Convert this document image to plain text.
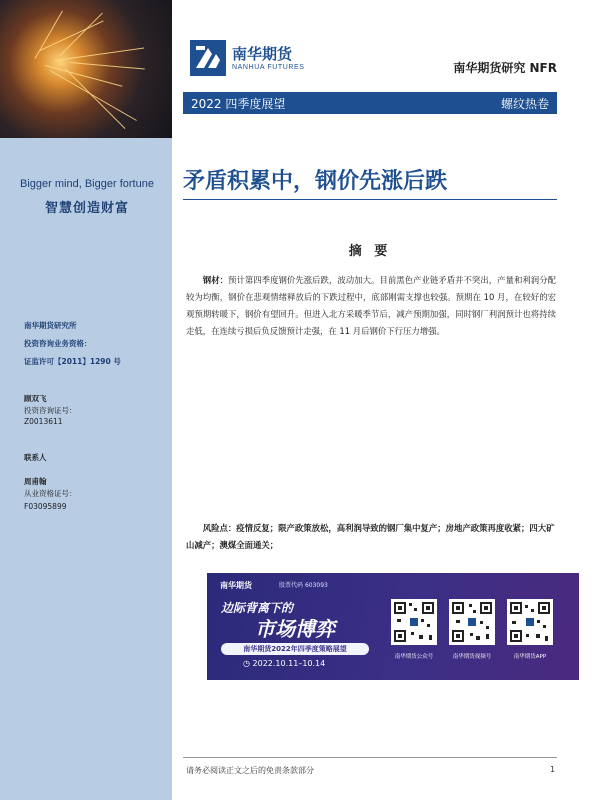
Bigger mind, Bigger fortune
智慧创造财富
南华期货研究所
投资咨询业务资格：
证监许可【2011】1290 号
顾双飞
投资咨询证号：
Z0013611
联系人
周甫翰
从业资格证号：
F03095899
南华期货
NANHUA FUTURES	南华期货研究 NFR
2022 四季度展望	螺纹热卷
矛盾积累中，钢价先涨后跌
摘 要
钢材：预计第四季度钢价先涨后跌，波动加大。目前黑色产业链矛盾并不突出，产量和利润分配较为均衡，钢价在悲观情绪释放后的下跌过程中，底部刚需支撑也较强。预期在 10 月，在较好的宏观预期转暖下，钢价有望回升。但进入北方采暖季节后，减产预期加强，同时钢厂利润预计也将持续走低，在连续亏损后负反馈预计走强，在 11 月后钢价下行压力增强。
风险点：疫情反复；限产政策放松，高利润导致的钢厂集中复产；房地产政策再度收紧；四大矿山减产；澳煤全面通关；
南华期货	股票代码 603093
边际背离下的
市场博弈
南华期货2022年四季度策略展望
◷ 2022.10.11–10.14
南华期货公众号	南华期货视频号	南华期货APP
请务必阅读正文之后的免责条款部分	1
